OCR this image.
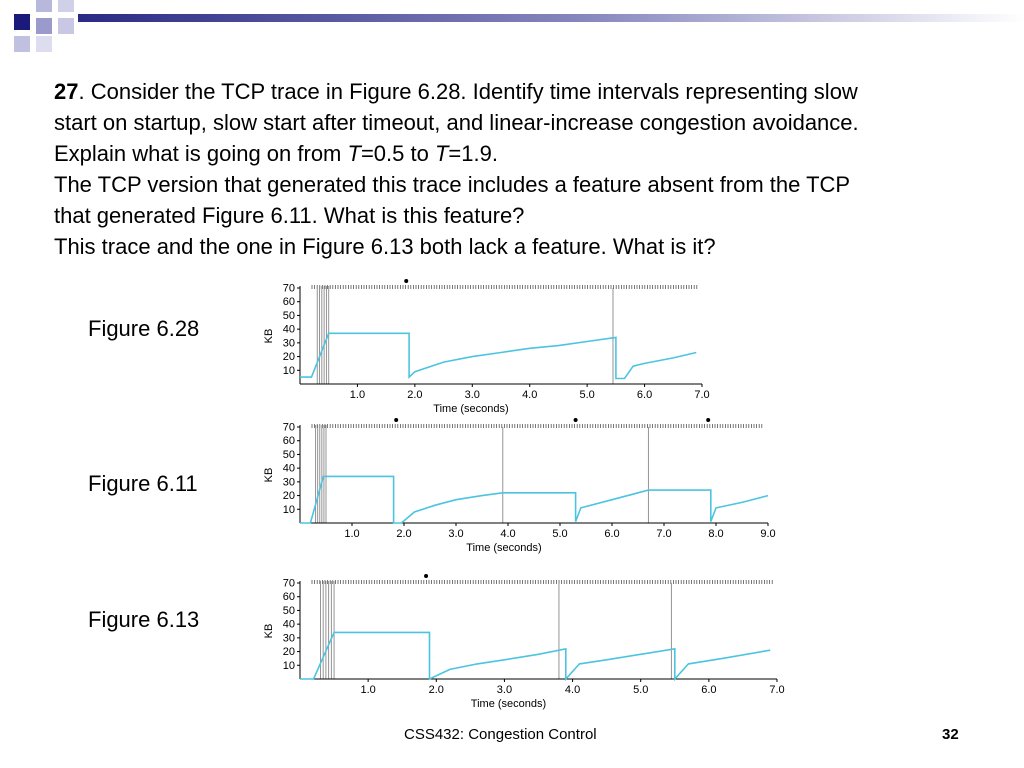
27. Consider the TCP trace in Figure 6.28. Identify time intervals representing slow

start on startup, slow start after timeout, and linear-increase congestion avoidance.

Explain what is going on from T=0.5 to T=1.9.

The TCP version that generated this trace includes a feature absent from the TCP

that generated Figure 6.11. What is this feature?

This trace and the one in Figure 6.13 both lack a feature. What is it?

Figure 6.28
Figure 6.11
Figure 6.13
10
20
30
40
50
60
70
1.0	2.0	3.0	4.0	5.0	6.0	7.0
KB
Time (seconds)
10
20
30
40
50
60
70
1.0	2.0	3.0	4.0	5.0	6.0	7.0	8.0	9.0
KB
Time (seconds)
10
20
30
40
50
60
70
1.0	2.0	3.0	4.0	5.0	6.0	7.0
KB
Time (seconds)
CSS432: Congestion Control	32
